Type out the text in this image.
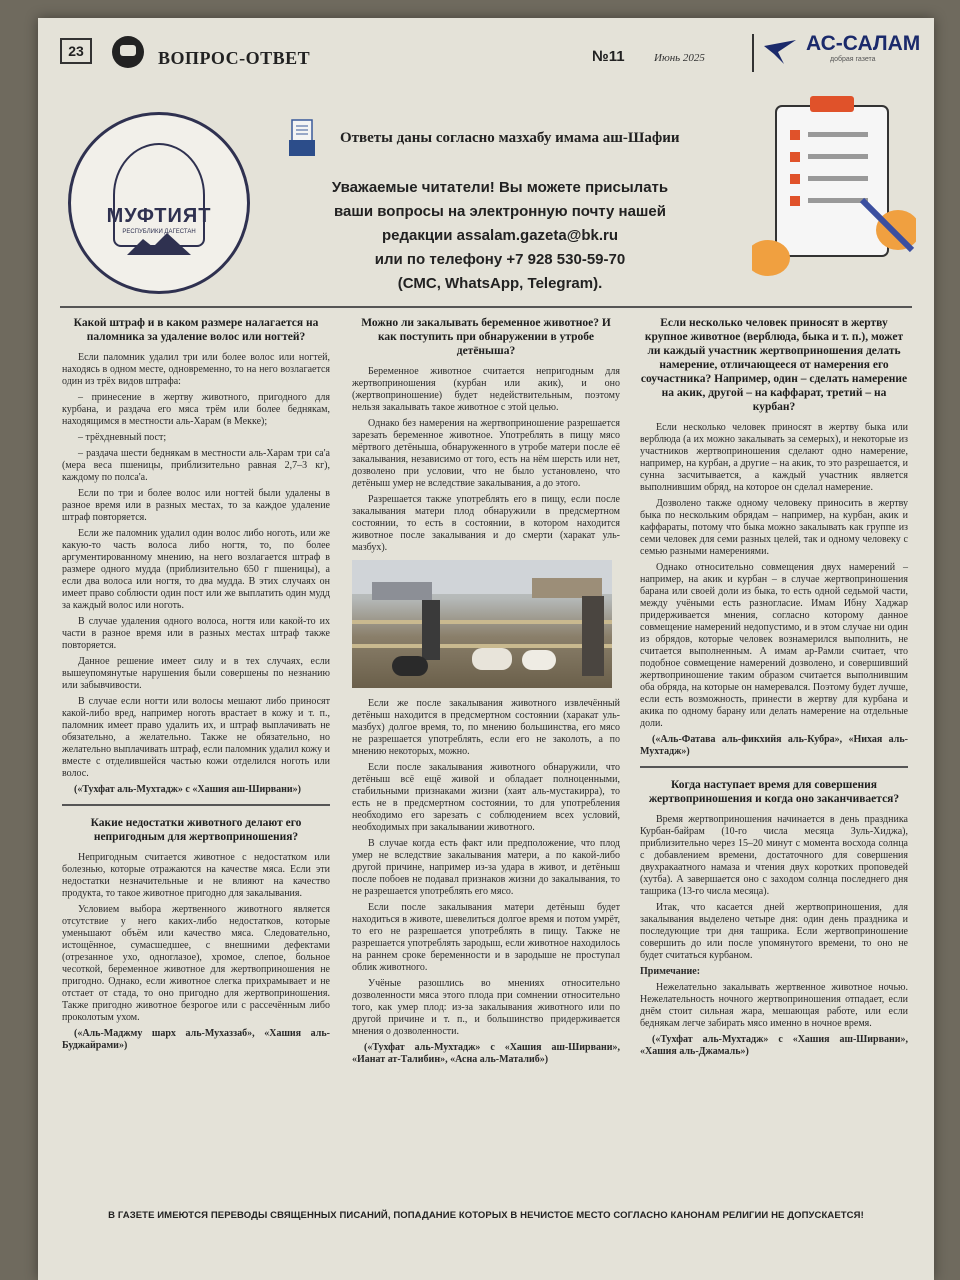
23	ВОПРОС-ОТВЕТ	№11	Июнь 2025
АС-САЛАМ
добрая газета
МУФТИЯТ
РЕСПУБЛИКИ ДАГЕСТАН
Ответы даны согласно мазхабу имама аш-Шафии
Уважаемые читатели! Вы можете присылать
ваши вопросы на электронную почту нашей
редакции assalam.gazeta@bk.ru
или по телефону +7 928 530-59-70
(СМС, WhatsApp, Telegram).
Какой штраф и в каком размере налагается на паломника за удаление волос или ногтей?

Если паломник удалил три или более волос или ногтей, находясь в одном месте, одновременно, то на него возлагается один из трёх видов штрафа:

– принесение в жертву животного, пригодного для курбана, и раздача его мяса трём или более беднякам, находящимся в местности аль-Харам (в Мекке);

– трёхдневный пост;

– раздача шести беднякам в местности аль-Харам три са'а (мера веса пшеницы, приблизительно равная 2,7–3 кг), каждому по полса'а.

Если по три и более волос или ногтей были удалены в разное время или в разных местах, то за каждое удаление штраф повторяется.

Если же паломник удалил один волос либо ноготь, или же какую-то часть волоса либо ногтя, то, по более аргументированному мнению, на него возлагается штраф в размере одного мудда (приблизительно 650 г пшеницы), а если два волоса или ногтя, то два мудда. В этих случаях он имеет право соблюсти один пост или же выплатить один мудд за каждый волос или ноготь.

В случае удаления одного волоса, ногтя или какой-то их части в разное время или в разных местах штраф также повторяется.

Данное решение имеет силу и в тех случаях, если вышеупомянутые нарушения были совершены по незнанию или забывчивости.

В случае если ногти или волосы мешают либо приносят какой-либо вред, например ноготь врастает в кожу и т. п., паломник имеет право удалить их, и штраф выплачивать не обязательно, а желательно. Также не обязательно, но желательно выплачивать штраф, если паломник удалил кожу и вместе с отделившейся частью кожи отделился ноготь или волос.

(«Тухфат аль-Мухтадж» с «Хашия аш-Ширвани»)

Какие недостатки животного делают его непригодным для жертвоприношения?

Непригодным считается животное с недостатком или болезнью, которые отражаются на качестве мяса. Если эти недостатки незначительные и не влияют на качество продукта, то такое животное пригодно для закалывания.

Условием выбора жертвенного животного является отсутствие у него каких-либо недостатков, которые уменьшают объём или качество мяса. Следовательно, истощённое, сумасшедшее, с внешними дефектами (отрезанное ухо, одноглазое), хромое, слепое, больное чесоткой, беременное животное для жертвоприношения не пригодно. Однако, если животное слегка прихрамывает и не отстает от стада, то оно пригодно для жертвоприношения. Также пригодно животное безрогое или с рассечённым либо проколотым ухом.

(«Аль-Маджму шарх аль-Мухаззаб», «Хашия аль-Буджайрами»)

Можно ли закалывать беременное животное? И как поступить при обнаружении в утробе детёныша?

Беременное животное считается непригодным для жертвоприношения (курбан или акик), и оно (жертвоприношение) будет недействительным, поэтому нельзя закалывать такое животное с этой целью.

Однако без намерения на жертвоприношение разрешается зарезать беременное животное. Употреблять в пищу мясо мёртвого детёныша, обнаруженного в утробе матери после её закалывания, независимо от того, есть на нём шерсть или нет, дозволено при условии, что не было установлено, что детёныш умер не вследствие закалывания, а до этого.

Разрешается также употреблять его в пищу, если после закалывания матери плод обнаружили в предсмертном состоянии, то есть в состоянии, в котором находится животное после закалывания и до смерти (харакат уль-мазбух).

Если же после закалывания животного извлечённый детёныш находится в предсмертном состоянии (харакат уль-мазбух) долгое время, то, по мнению большинства, его мясо не разрешается употреблять, если его не заколоть, а по мнению некоторых, можно.

Если после закалывания животного обнаружили, что детёныш всё ещё живой и обладает полноценными, стабильными признаками жизни (хаят аль-мустакирра), то есть не в предсмертном состоянии, то для употребления необходимо его зарезать с соблюдением всех условий, необходимых при закалывании животного.

В случае когда есть факт или предположение, что плод умер не вследствие закалывания матери, а по какой-либо другой причине, например из-за удара в живот, и детёныш после побоев не подавал признаков жизни до закалывания, то не разрешается употреблять его мясо.

Если после закалывания матери детёныш будет находиться в животе, шевелиться долгое время и потом умрёт, то его не разрешается употреблять в пищу. Также не разрешается употреблять зародыш, если животное находилось на раннем сроке беременности и в зародыше не проступал облик животного.

Учёные разошлись во мнениях относительно дозволенности мяса этого плода при сомнении относительно того, как умер плод: из-за закалывания животного или по другой причине и т. п., и большинство придерживается мнения о дозволенности.

(«Тухфат аль-Мухтадж» с «Хашия аш-Ширвани», «Ианат ат-Талибин», «Асна аль-Маталиб»)

Если несколько человек приносят в жертву крупное животное (верблюда, быка и т. п.), может ли каждый участник жертвоприношения делать намерение, отличающееся от намерения его соучастника? Например, один – сделать намерение на акик, другой – на каффарат, третий – на курбан?

Если несколько человек приносят в жертву быка или верблюда (а их можно закалывать за семерых), и некоторые из участников жертвоприношения сделают одно намерение, например, на курбан, а другие – на акик, то это разрешается, и сунна засчитывается, а каждый участник является выполнившим обряд, на которое он сделал намерение.

Дозволено также одному человеку приносить в жертву быка по нескольким обрядам – например, на курбан, акик и каффараты, потому что быка можно закалывать как группе из семи человек для семи разных целей, так и одному человеку с семью разными намерениями.

Однако относительно совмещения двух намерений – например, на акик и курбан – в случае жертвоприношения барана или своей доли из быка, то есть одной седьмой части, между учёными есть разногласие. Имам Ибну Хаджар придерживается мнения, согласно которому данное совмещение намерений недопустимо, и в этом случае ни один из обрядов, которые человек вознамерился выполнить, не считается выполненным. А имам ар-Рамли считает, что подобное совмещение намерений дозволено, и совершивший жертвоприношение таким образом считается выполнившим оба обряда, на которые он намеревался. Поэтому будет лучше, если есть возможность, принести в жертву для курбана и акика по одному барану или делать намерение на отдельные доли.

(«Аль-Фатава аль-фикхийя аль-Кубра», «Нихая аль-Мухтадж»)

Когда наступает время для совершения жертвоприношения и когда оно заканчивается?

Время жертвоприношения начинается в день праздника Курбан-байрам (10-го числа месяца Зуль-Хиджа), приблизительно через 15–20 минут с момента восхода солнца с добавлением времени, достаточного для совершения двухракаатного намаза и чтения двух коротких проповедей (хутба). А завершается оно с заходом солнца последнего дня ташрика (13-го числа месяца).

Итак, что касается дней жертвоприношения, для закалывания выделено четыре дня: один день праздника и последующие три дня ташрика. Если жертвоприношение совершить до или после упомянутого времени, то оно не будет считаться курбаном.

Примечание:

Нежелательно закалывать жертвенное животное ночью. Нежелательность ночного жертвоприношения отпадает, если днём стоит сильная жара, мешающая работе, или если беднякам легче забирать мясо именно в ночное время.

(«Тухфат аль-Мухтадж» с «Хашия аш-Ширвани», «Хашия аль-Джамаль»)

В ГАЗЕТЕ ИМЕЮТСЯ ПЕРЕВОДЫ СВЯЩЕННЫХ ПИСАНИЙ, ПОПАДАНИЕ КОТОРЫХ В НЕЧИСТОЕ МЕСТО СОГЛАСНО КАНОНАМ РЕЛИГИИ НЕ ДОПУСКАЕТСЯ!
